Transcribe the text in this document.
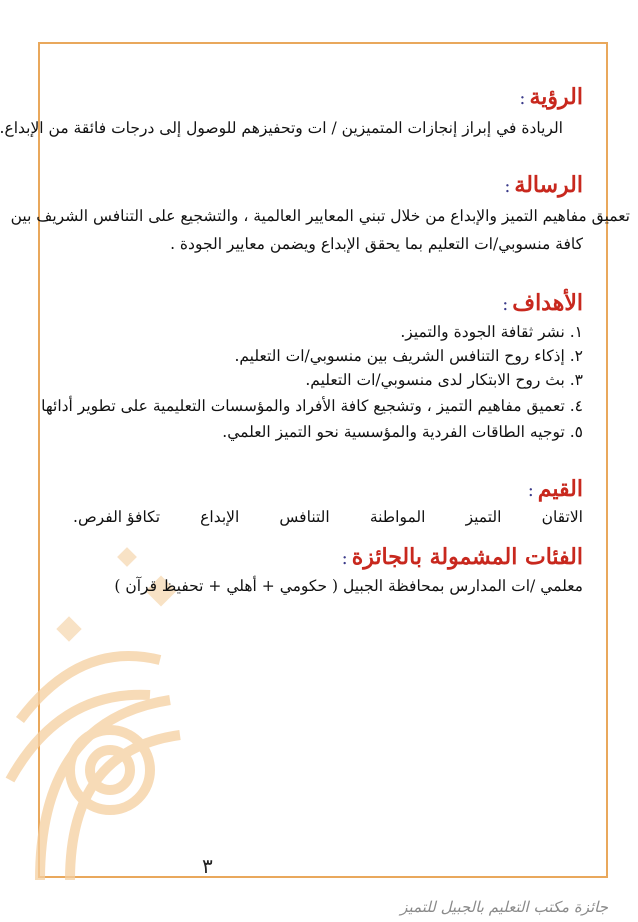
الرؤية:
الريادة في إبراز إنجازات المتميزين / ات وتحفيزهم للوصول إلى درجات فائقة من الإبداع.
الرسالة:
تعميق مفاهيم التميز والإبداع من خلال تبني المعايير العالمية ، والتشجيع على التنافس الشريف بين
كافة منسوبي/ات التعليم بما يحقق الإبداع ويضمن معايير الجودة .
الأهداف:
١. نشر ثقافة الجودة والتميز.
٢. إذكاء روح التنافس الشريف بين منسوبي/ات التعليم.
٣. بث روح الابتكار لدى منسوبي/ات التعليم.
٤. تعميق مفاهيم التميز ، وتشجيع كافة الأفراد والمؤسسات التعليمية على تطوير أدائها
٥. توجيه الطاقات الفردية والمؤسسية نحو التميز العلمي.
القيم:
الاتقان
التميز
المواطنة
التنافس
الإبداع
تكافؤ الفرص.
الفئات المشمولة بالجائزة:
معلمي /ات المدارس بمحافظة الجبيل ( حكومي + أهلي + تحفيظ قرآن )
٣
جائزة مكتب التعليم بالجبيل للتميز
